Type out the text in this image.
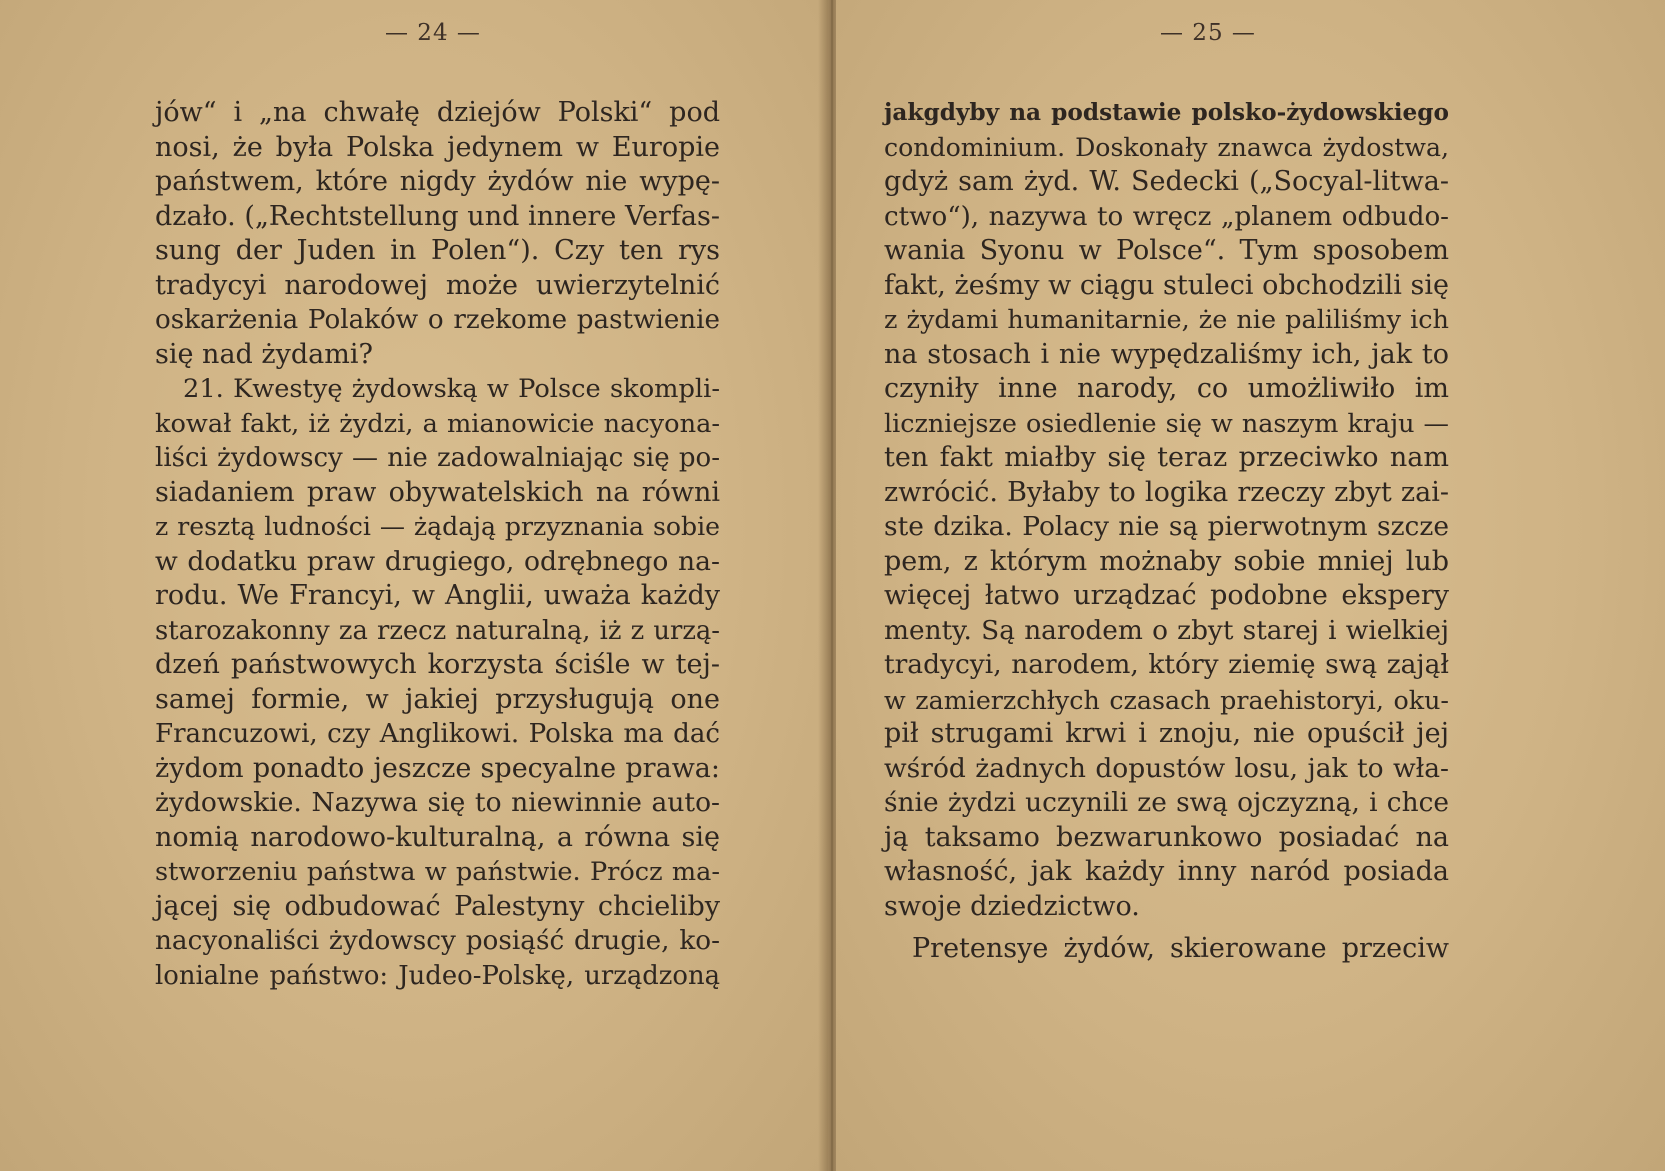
— 24 —
jów“ i „na chwałę dziejów Polski“ pod
nosi, że była Polska jedynem w Europie
państwem, które nigdy żydów nie wypę-
dzało. („Rechtstellung und innere Verfas-
sung der Juden in Polen“). Czy ten rys
tradycyi narodowej może uwierzytelnić
oskarżenia Polaków o rzekome pastwienie
się nad żydami?
21. Kwestyę żydowską w Polsce skompli-
kował fakt, iż żydzi, a mianowicie nacyona-
liści żydowscy — nie zadowalniając się po-
siadaniem praw obywatelskich na równi
z resztą ludności — żądają przyznania sobie
w dodatku praw drugiego, odrębnego na-
rodu. We Francyi, w Anglii, uważa każdy
starozakonny za rzecz naturalną, iż z urzą-
dzeń państwowych korzysta ściśle w tej-
samej formie, w jakiej przysługują one
Francuzowi, czy Anglikowi. Polska ma dać
żydom ponadto jeszcze specyalne prawa:
żydowskie. Nazywa się to niewinnie auto-
nomią narodowo-kulturalną, a równa się
stworzeniu państwa w państwie. Prócz ma-
jącej się odbudować Palestyny chcieliby
nacyonaliści żydowscy posiąść drugie, ko-
lonialne państwo: Judeo-Polskę, urządzoną
— 25 —
jakgdyby na podstawie polsko-żydowskiego
condominium. Doskonały znawca żydostwa,
gdyż sam żyd. W. Sedecki („Socyal-litwa-
ctwo“), nazywa to wręcz „planem odbudo-
wania Syonu w Polsce“. Tym sposobem
fakt, żeśmy w ciągu stuleci obchodzili się
z żydami humanitarnie, że nie paliliśmy ich
na stosach i nie wypędzaliśmy ich, jak to
czyniły inne narody, co umożliwiło im
liczniejsze osiedlenie się w naszym kraju —
ten fakt miałby się teraz przeciwko nam
zwrócić. Byłaby to logika rzeczy zbyt zai-
ste dzika. Polacy nie są pierwotnym szcze
pem, z którym możnaby sobie mniej lub
więcej łatwo urządzać podobne ekspery
menty. Są narodem o zbyt starej i wielkiej
tradycyi, narodem, który ziemię swą zajął
w zamierzchłych czasach praehistoryi, oku-
pił strugami krwi i znoju, nie opuścił jej
wśród żadnych dopustów losu, jak to wła-
śnie żydzi uczynili ze swą ojczyzną, i chce
ją taksamo bezwarunkowo posiadać na
własność, jak każdy inny naród posiada
swoje dziedzictwo.
Pretensye żydów, skierowane przeciw
